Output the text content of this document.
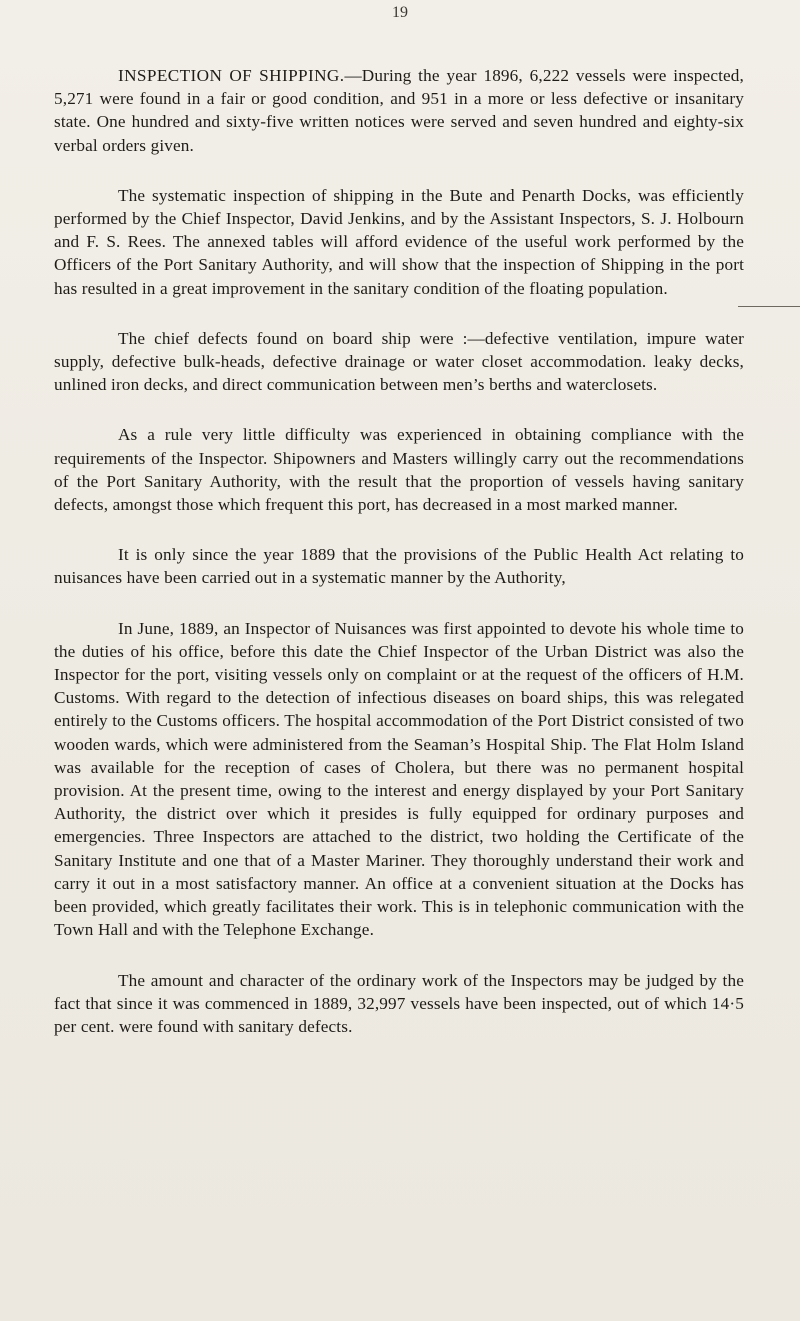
19

INSPECTION OF SHIPPING.—During the year 1896, 6,222 vessels were inspected, 5,271 were found in a fair or good condition, and 951 in a more or less defective or insanitary state. One hundred and sixty-five written notices were served and seven hundred and eighty-six verbal orders given.

The systematic inspection of shipping in the Bute and Penarth Docks, was efficiently performed by the Chief Inspector, David Jenkins, and by the Assistant Inspectors, S. J. Holbourn and F. S. Rees. The annexed tables will afford evidence of the useful work performed by the Officers of the Port Sanitary Authority, and will show that the inspection of Shipping in the port has resulted in a great improvement in the sanitary condition of the floating population.

The chief defects found on board ship were :—defective ventilation, impure water supply, defective bulk-heads, defective drainage or water closet accommodation. leaky decks, unlined iron decks, and direct communication between men’s berths and waterclosets.

As a rule very little difficulty was experienced in obtaining compliance with the requirements of the Inspector. Shipowners and Masters willingly carry out the recommendations of the Port Sanitary Authority, with the result that the proportion of vessels having sanitary defects, amongst those which frequent this port, has decreased in a most marked manner.

It is only since the year 1889 that the provisions of the Public Health Act relating to nuisances have been carried out in a systematic manner by the Authority,

In June, 1889, an Inspector of Nuisances was first appointed to devote his whole time to the duties of his office, before this date the Chief Inspector of the Urban District was also the Inspector for the port, visiting vessels only on complaint or at the request of the officers of H.M. Customs. With regard to the detection of infectious diseases on board ships, this was relegated entirely to the Customs officers. The hospital accommodation of the Port District consisted of two wooden wards, which were administered from the Seaman’s Hospital Ship. The Flat Holm Island was available for the reception of cases of Cholera, but there was no permanent hospital provision. At the present time, owing to the interest and energy displayed by your Port Sanitary Authority, the district over which it presides is fully equipped for ordinary purposes and emergencies. Three Inspectors are attached to the district, two holding the Certificate of the Sanitary Institute and one that of a Master Mariner. They thoroughly understand their work and carry it out in a most satisfactory manner. An office at a convenient situation at the Docks has been provided, which greatly facilitates their work. This is in telephonic communication with the Town Hall and with the Telephone Exchange.

The amount and character of the ordinary work of the Inspectors may be judged by the fact that since it was commenced in 1889, 32,997 vessels have been inspected, out of which 14·5 per cent. were found with sanitary defects.
